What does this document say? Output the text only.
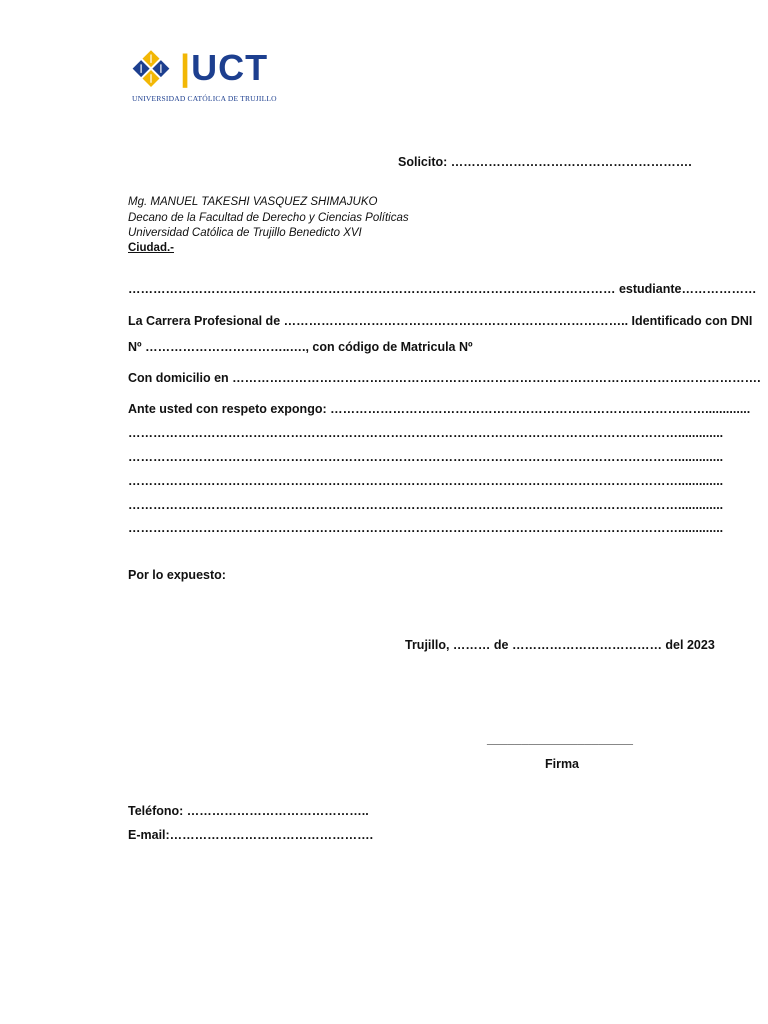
|UCT
UNIVERSIDAD CATÓLICA DE TRUJILLO
Solicito: ………………………………………………….
Mg. MANUEL TAKESHI VASQUEZ SHIMAJUKO
Decano de la Facultad de Derecho y Ciencias Políticas
Universidad Católica de Trujillo Benedicto XVI
Ciudad.-
……………………………………………………………………………………………………… estudiante………………
La Carrera Profesional de ……………………………………………………………………….. Identificado con DNI
Nº ……………………………..…., con código de Matricula Nº
Con domicilio en ……………………………………………………………………………………………………………….
Ante usted con respeto expongo: ……………………………………………………………………………….............
…………………………………………………………………………………………………………………….............
…………………………………………………………………………………………………………………….............
…………………………………………………………………………………………………………………….............
…………………………………………………………………………………………………………………….............
…………………………………………………………………………………………………………………….............
Por lo expuesto:
Trujillo, ……… de ……………………………… del 2023
_____________________
Firma
Teléfono: ……………………………………..
E-mail:………………………………………….
